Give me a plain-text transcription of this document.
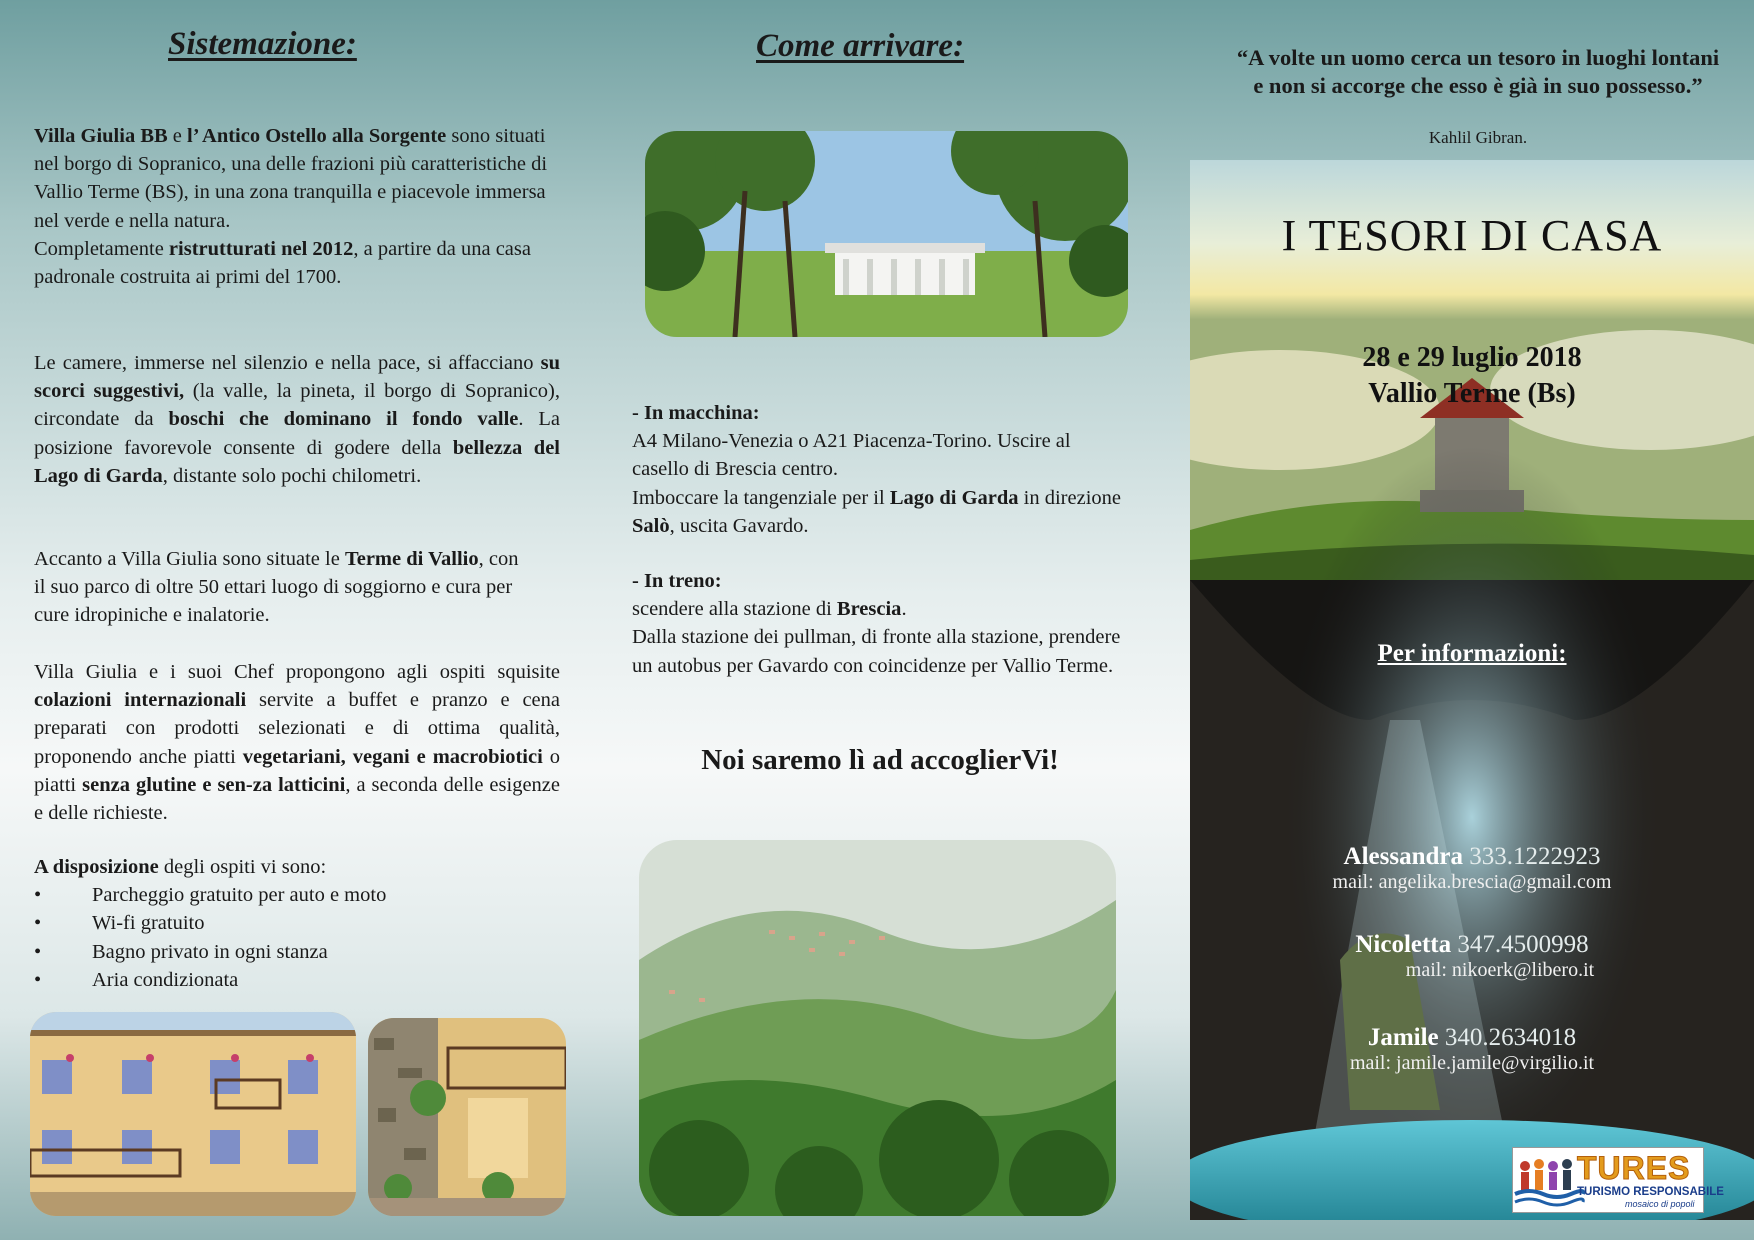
Sistemazione:

Villa Giulia BB e l’ Antico Ostello alla Sorgente sono situati nel borgo di Sopranico, una delle frazioni più caratteristiche di Vallio Terme (BS), in una zona tranquilla e piacevole immersa nel verde e nella natura.

Completamente ristrutturati nel 2012, a partire da una casa padronale costruita ai primi del 1700.

Le camere, immerse nel silenzio e nella pace, si affacciano su scorci suggestivi, (la valle, la pineta, il borgo di Sopranico), circondate da boschi che dominano il fondo valle. La posizione favorevole consente di godere della bellezza del Lago di Garda, distante solo pochi chilometri.

Accanto a Villa Giulia sono situate le Terme di Vallio, con il suo parco di oltre 50 ettari luogo di soggiorno e cura per cure idropiniche e inalatorie.

Villa Giulia e i suoi Chef propongono agli ospiti squisite colazioni internazionali servite a buffet e pranzo e cena preparati con prodotti selezionati e di ottima qualità, proponendo anche piatti vegetariani, vegani e macrobiotici o piatti senza glutine e sen-za latticini, a seconda delle esigenze e delle richieste.

A disposizione degli ospiti vi sono:

• Parcheggio gratuito per auto e moto
• Wi-fi gratuito
• Bagno privato in ogni stanza
• Aria condizionata
Come arrivare:

- In macchina:

A4 Milano-Venezia o A21 Piacenza-Torino. Uscire al casello di Brescia centro.

Imboccare la tangenziale per il Lago di Garda in direzione Salò, uscita Gavardo.

- In treno:

scendere alla stazione di Brescia.

Dalla stazione dei pullman, di fronte alla stazione, prendere un autobus per Gavardo con coincidenze per Vallio Terme.

Noi saremo lì ad accoglierVi!
“A volte un uomo cerca un tesoro in luoghi lontani e non si accorge che esso è già in suo possesso.”
Kahlil Gibran.
I TESORI DI CASA
28 e 29 luglio 2018
Vallio Terme (Bs)
Per informazioni:
Alessandra 333.1222923
mail: angelika.brescia@gmail.com
Nicoletta 347.4500998
mail: nikoerk@libero.it
Jamile 340.2634018
mail: jamile.jamile@virgilio.it
TURES
TURISMO RESPONSABILE
mosaico di popoli
